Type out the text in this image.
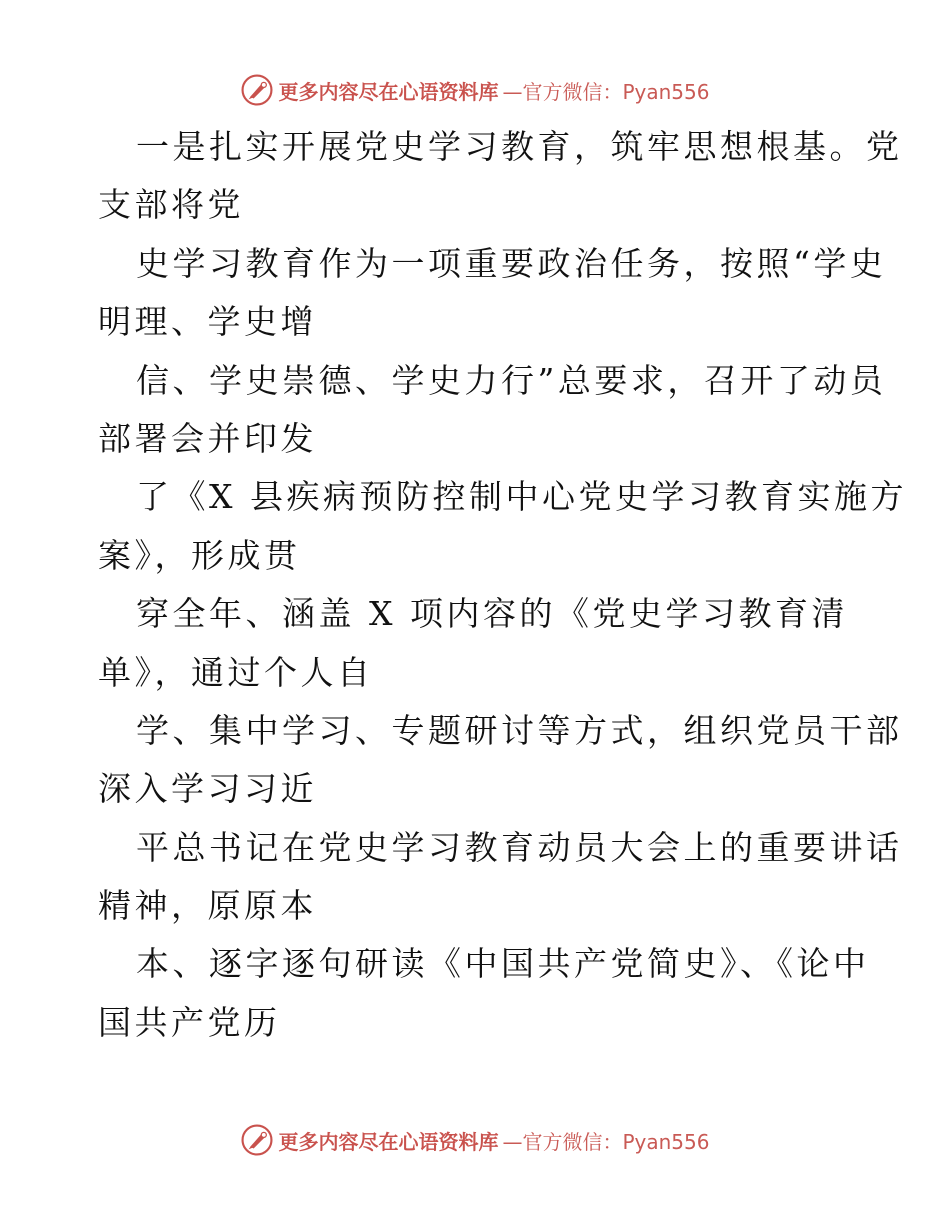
更多内容尽在心语资料库 —官方微信：Pyan556
一是扎实开展党史学习教育，筑牢思想根基。党
支部将党
史学习教育作为一项重要政治任务，按照“学史
明理、学史增
信、学史崇德、学史力行”总要求，召开了动员
部署会并印发
了《X 县疾病预防控制中心党史学习教育实施方
案》，形成贯
穿全年、涵盖 X 项内容的《党史学习教育清
单》，通过个人自
学、集中学习、专题研讨等方式，组织党员干部
深入学习习近
平总书记在党史学习教育动员大会上的重要讲话
精神，原原本
本、逐字逐句研读《中国共产党简史》、《论中
国共产党历
更多内容尽在心语资料库 —官方微信：Pyan556
